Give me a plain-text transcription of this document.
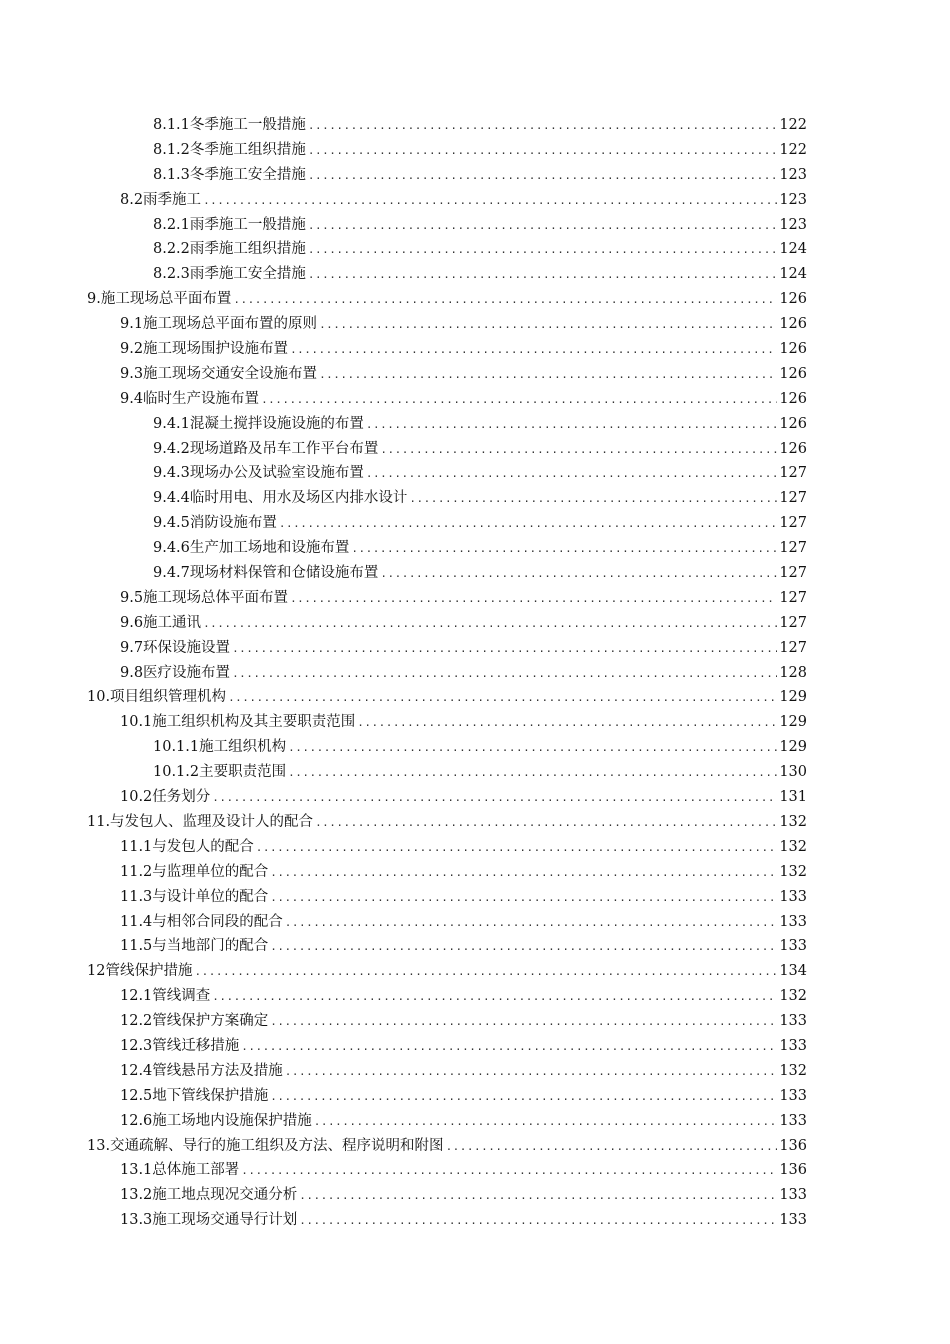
8.1.1冬季施工一般措施 .....	122
8.1.2冬季施工组织措施 .....	122
8.1.3冬季施工安全措施 .....	123
8.2雨季施工 .....	123
8.2.1雨季施工一般措施 .....	123
8.2.2雨季施工组织措施 .....	124
8.2.3雨季施工安全措施 .....	124
9.施工现场总平面布置 .....	126
9.1施工现场总平面布置的原则 .....	126
9.2施工现场围护设施布置 .....	126
9.3施工现场交通安全设施布置 .....	126
9.4临时生产设施布置 .....	126
9.4.1混凝土搅拌设施设施的布置 .....	126
9.4.2现场道路及吊车工作平台布置 .....	126
9.4.3现场办公及试验室设施布置 .....	127
9.4.4临时用电、用水及场区内排水设计 .....	127
9.4.5消防设施布置 .....	127
9.4.6生产加工场地和设施布置 .....	127
9.4.7现场材料保管和仓储设施布置 .....	127
9.5施工现场总体平面布置 .....	127
9.6施工通讯 .....	127
9.7环保设施设置 .....	127
9.8医疗设施布置 .....	128
10.项目组织管理机构 .....	129
10.1施工组织机构及其主要职责范围 .....	129
10.1.1施工组织机构 .....	129
10.1.2主要职责范围 .....	130
10.2任务划分 .....	131
11.与发包人、监理及设计人的配合 .....	132
11.1与发包人的配合 .....	132
11.2与监理单位的配合 .....	132
11.3与设计单位的配合 .....	133
11.4与相邻合同段的配合 .....	133
11.5与当地部门的配合 .....	133
12管线保护措施 .....	134
12.1管线调查 .....	132
12.2管线保护方案确定 .....	133
12.3管线迁移措施 .....	133
12.4管线悬吊方法及措施 .....	132
12.5地下管线保护措施 .....	133
12.6施工场地内设施保护措施 .....	133
13.交通疏解、导行的施工组织及方法、程序说明和附图 .....	136
13.1总体施工部署 .....	136
13.2施工地点现况交通分析 .....	133
13.3施工现场交通导行计划 .....	133
